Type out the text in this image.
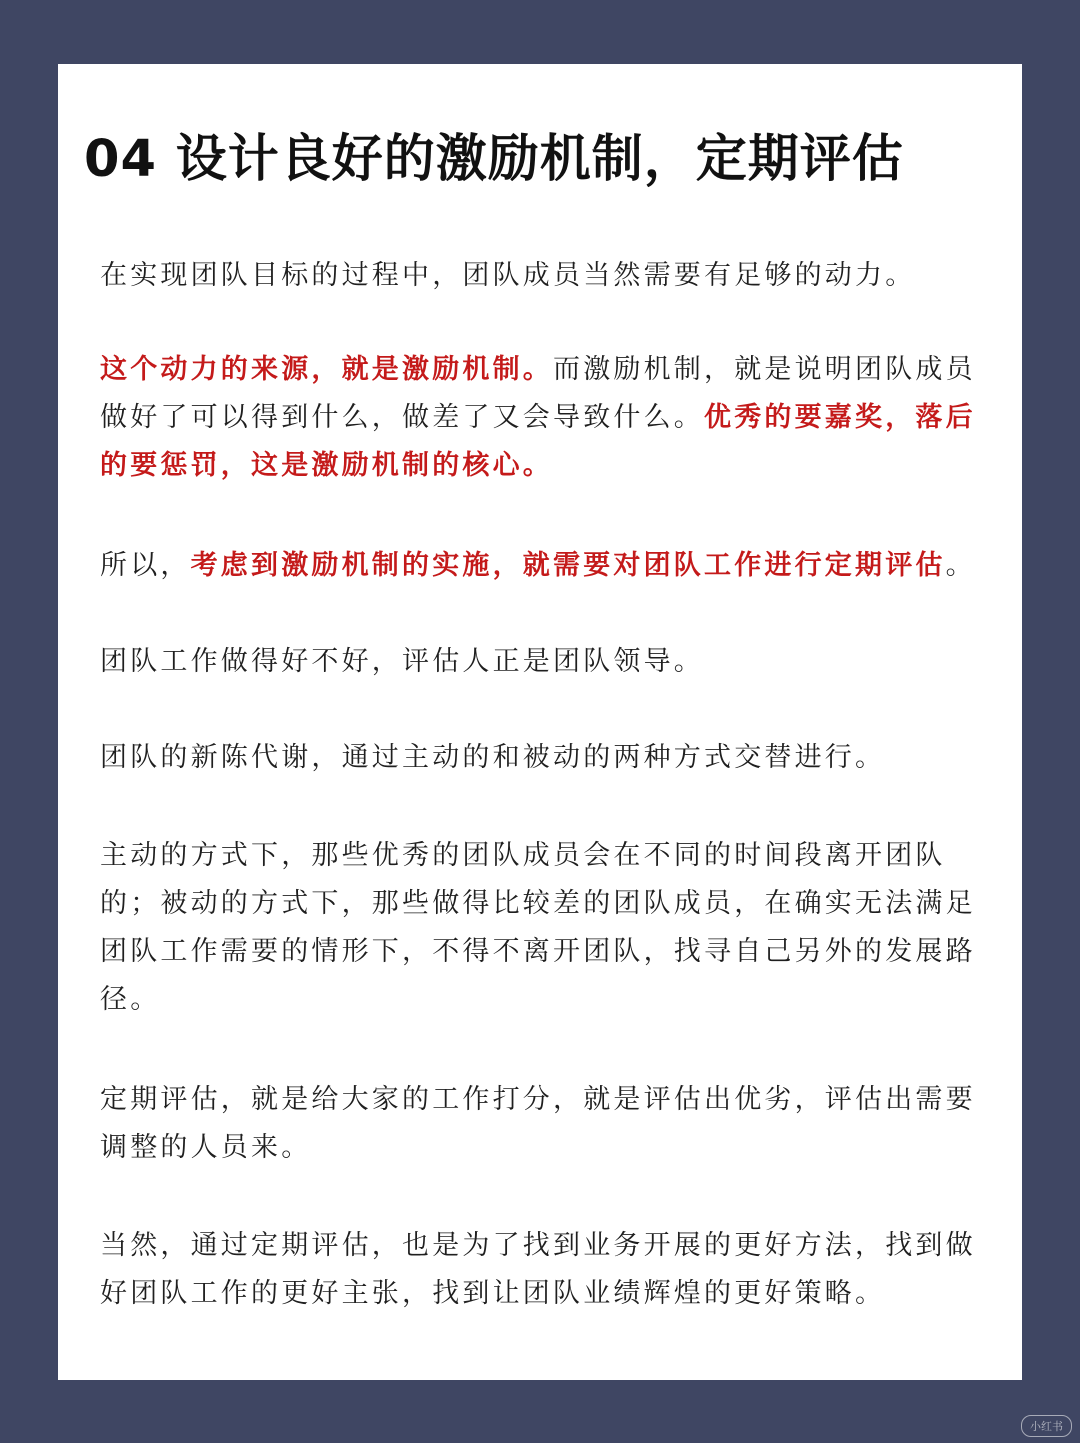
04 设计良好的激励机制，定期评估

在实现团队目标的过程中，团队成员当然需要有足够的动力。

这个动力的来源，就是激励机制。而激励机制，就是说明团队成员做好了可以得到什么，做差了又会导致什么。优秀的要嘉奖，落后的要惩罚，这是激励机制的核心。

所以，考虑到激励机制的实施，就需要对团队工作进行定期评估。

团队工作做得好不好，评估人正是团队领导。

团队的新陈代谢，通过主动的和被动的两种方式交替进行。

主动的方式下，那些优秀的团队成员会在不同的时间段离开团队的；被动的方式下，那些做得比较差的团队成员，在确实无法满足团队工作需要的情形下，不得不离开团队，找寻自己另外的发展路径。

定期评估，就是给大家的工作打分，就是评估出优劣，评估出需要调整的人员来。

当然，通过定期评估，也是为了找到业务开展的更好方法，找到做好团队工作的更好主张，找到让团队业绩辉煌的更好策略。

小红书
